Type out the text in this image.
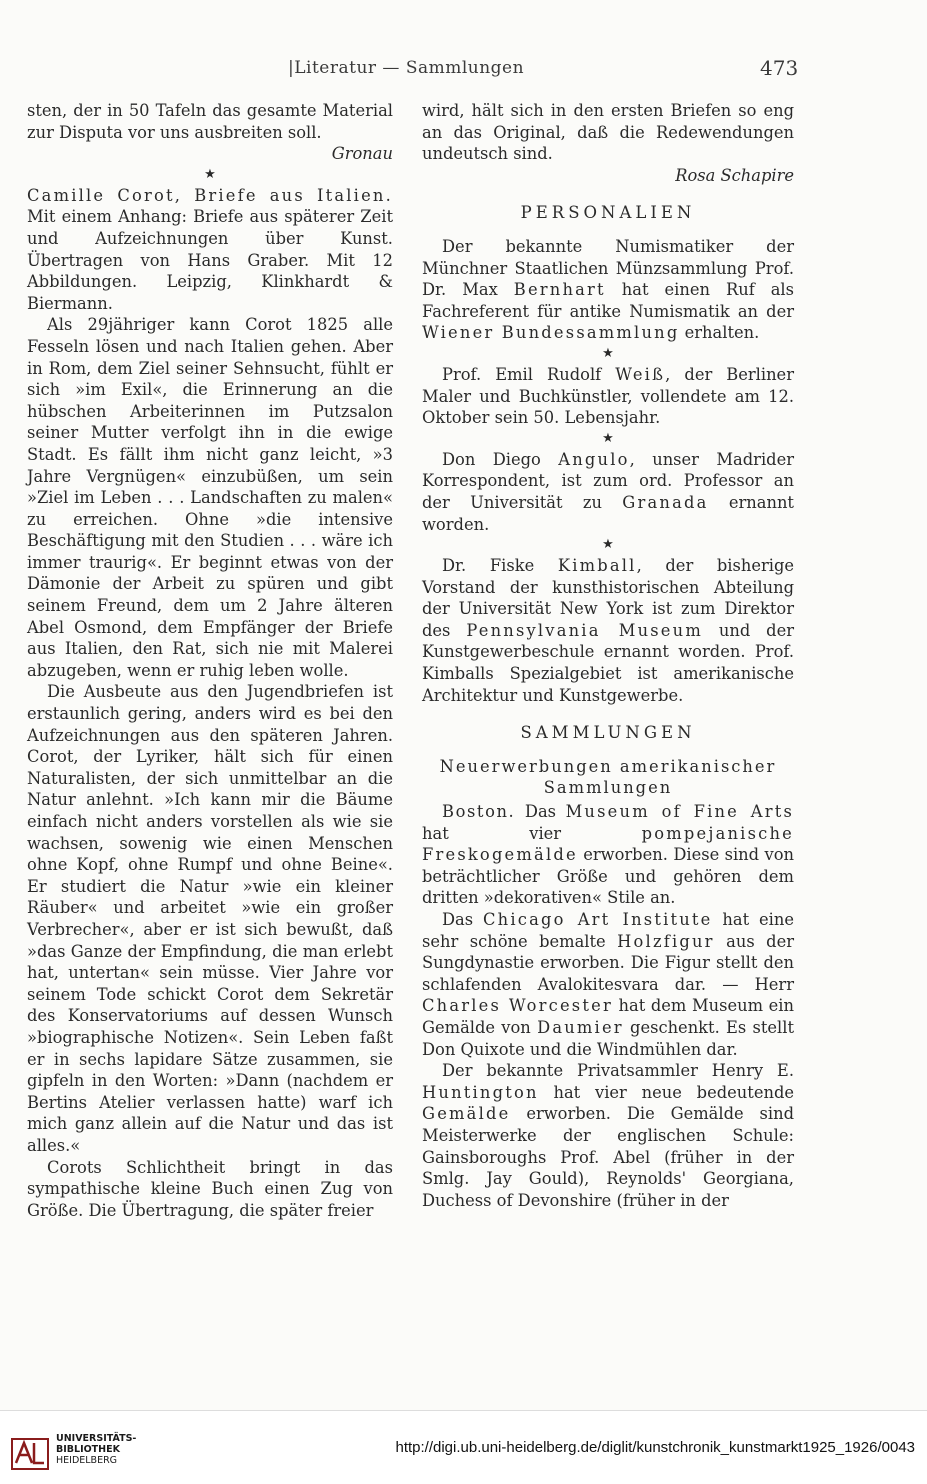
|Literatur — Sammlungen	473

sten, der in 50 Tafeln das gesamte Material zur Disputa vor uns ausbreiten soll.
Gronau

★

Camille Corot, Briefe aus Italien. Mit einem Anhang: Briefe aus späterer Zeit und Aufzeichnungen über Kunst. Übertragen von Hans Graber. Mit 12 Abbildungen. Leipzig, Klinkhardt & Biermann.

Als 29jähriger kann Corot 1825 alle Fesseln lösen und nach Italien gehen. Aber in Rom, dem Ziel seiner Sehnsucht, fühlt er sich »im Exil«, die Erinnerung an die hübschen Arbeiterinnen im Putzsalon seiner Mutter verfolgt ihn in die ewige Stadt. Es fällt ihm nicht ganz leicht, »3 Jahre Vergnügen« einzubüßen, um sein »Ziel im Leben . . . Landschaften zu malen« zu erreichen. Ohne »die intensive Beschäftigung mit den Studien . . . wäre ich immer traurig«. Er beginnt etwas von der Dämonie der Arbeit zu spüren und gibt seinem Freund, dem um 2 Jahre älteren Abel Osmond, dem Empfänger der Briefe aus Italien, den Rat, sich nie mit Malerei abzugeben, wenn er ruhig leben wolle.

Die Ausbeute aus den Jugendbriefen ist erstaunlich gering, anders wird es bei den Aufzeichnungen aus den späteren Jahren. Corot, der Lyriker, hält sich für einen Naturalisten, der sich unmittelbar an die Natur anlehnt. »Ich kann mir die Bäume einfach nicht anders vorstellen als wie sie wachsen, sowenig wie einen Menschen ohne Kopf, ohne Rumpf und ohne Beine«. Er studiert die Natur »wie ein kleiner Räuber« und arbeitet »wie ein großer Verbrecher«, aber er ist sich bewußt, daß »das Ganze der Empfindung, die man erlebt hat, untertan« sein müsse. Vier Jahre vor seinem Tode schickt Corot dem Sekretär des Konservatoriums auf dessen Wunsch »biographische Notizen«. Sein Leben faßt er in sechs lapidare Sätze zusammen, sie gipfeln in den Worten: »Dann (nachdem er Bertins Atelier verlassen hatte) warf ich mich ganz allein auf die Natur und das ist alles.«

Corots Schlichtheit bringt in das sympathische kleine Buch einen Zug von Größe. Die Übertragung, die später freier

wird, hält sich in den ersten Briefen so eng an das Original, daß die Redewendungen undeutsch sind.
Rosa Schapire

PERSONALIEN

Der bekannte Numismatiker der Münchner Staatlichen Münzsammlung Prof. Dr. Max Bernhart hat einen Ruf als Fachreferent für antike Numismatik an der Wiener Bundessammlung erhalten.

★

Prof. Emil Rudolf Weiß, der Berliner Maler und Buchkünstler, vollendete am 12. Oktober sein 50. Lebensjahr.

★

Don Diego Angulo, unser Madrider Korrespondent, ist zum ord. Professor an der Universität zu Granada ernannt worden.

★

Dr. Fiske Kimball, der bisherige Vorstand der kunsthistorischen Abteilung der Universität New York ist zum Direktor des Pennsylvania Museum und der Kunstgewerbeschule ernannt worden. Prof. Kimballs Spezialgebiet ist amerikanische Architektur und Kunstgewerbe.

SAMMLUNGEN
Neuerwerbungen amerikanischer
Sammlungen

Boston. Das Museum of Fine Arts hat vier pompejanische Freskogemälde erworben. Diese sind von beträchtlicher Größe und gehören dem dritten »dekorativen« Stile an.

Das Chicago Art Institute hat eine sehr schöne bemalte Holzfigur aus der Sungdynastie erworben. Die Figur stellt den schlafenden Avalokitesvara dar. — Herr Charles Worcester hat dem Museum ein Gemälde von Daumier geschenkt. Es stellt Don Quixote und die Windmühlen dar.

Der bekannte Privatsammler Henry E. Huntington hat vier neue bedeutende Gemälde erworben. Die Gemälde sind Meisterwerke der englischen Schule: Gainsboroughs Prof. Abel (früher in der Smlg. Jay Gould), Reynolds' Georgiana, Duchess of Devonshire (früher in der

UNIVERSITÄTS-
BIBLIOTHEK
HEIDELBERG
http://digi.ub.uni-heidelberg.de/diglit/kunstchronik_kunstmarkt1925_1926/0043
